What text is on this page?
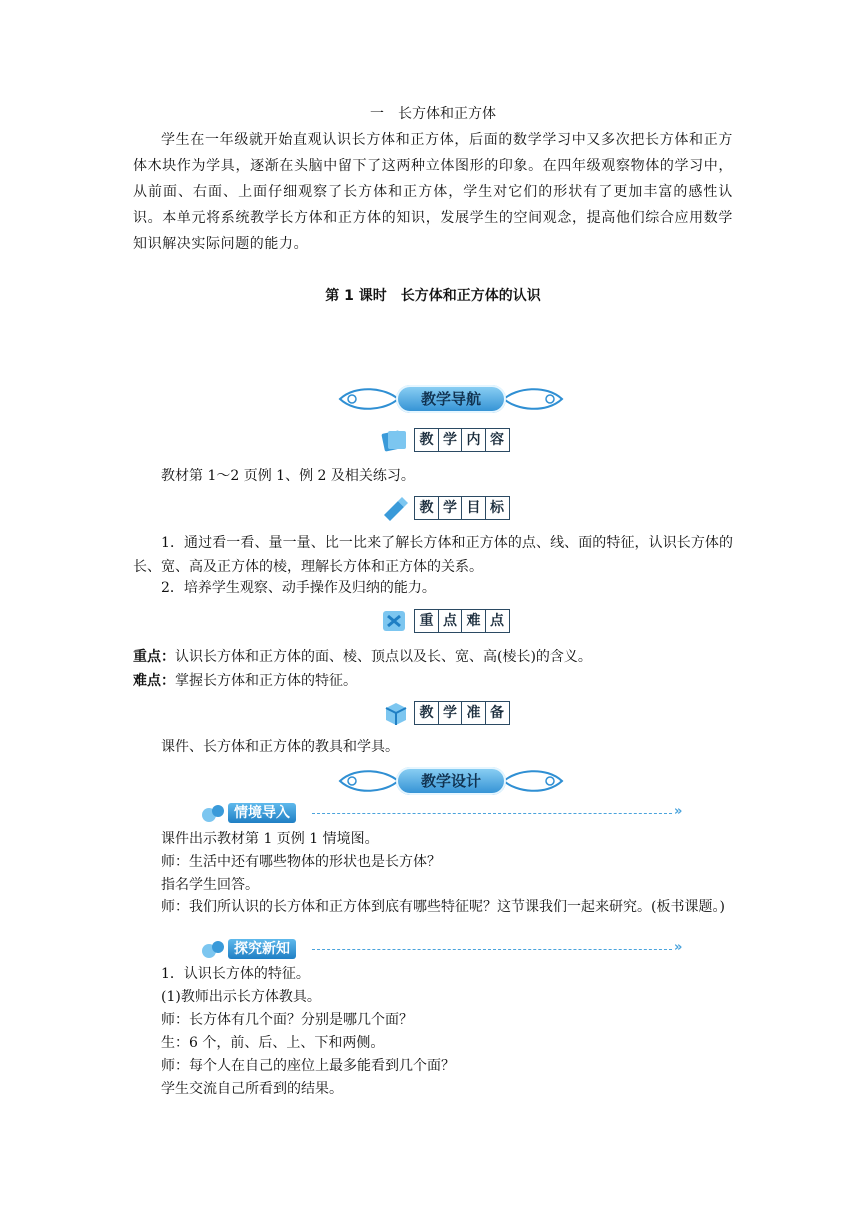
一　长方体和正方体
学生在一年级就开始直观认识长方体和正方体，后面的数学学习中又多次把长方体和正方体木块作为学具，逐渐在头脑中留下了这两种立体图形的印象。在四年级观察物体的学习中，从前面、右面、上面仔细观察了长方体和正方体，学生对它们的形状有了更加丰富的感性认识。本单元将系统教学长方体和正方体的知识，发展学生的空间观念，提高他们综合应用数学知识解决实际问题的能力。
第 1 课时　长方体和正方体的认识
教学导航
教 学 内 容
教材第 1～2 页例 1、例 2 及相关练习。
教 学 目 标
1．通过看一看、量一量、比一比来了解长方体和正方体的点、线、面的特征，认识长方体的长、宽、高及正方体的棱，理解长方体和正方体的关系。
2．培养学生观察、动手操作及归纳的能力。
重 点 难 点
重点：认识长方体和正方体的面、棱、顶点以及长、宽、高(棱长)的含义。
难点：掌握长方体和正方体的特征。
教 学 准 备
课件、长方体和正方体的教具和学具。
教学设计
情境导入	»
课件出示教材第 1 页例 1 情境图。
师：生活中还有哪些物体的形状也是长方体？
指名学生回答。
师：我们所认识的长方体和正方体到底有哪些特征呢？这节课我们一起来研究。(板书课题。)
探究新知	»
1．认识长方体的特征。
(1)教师出示长方体教具。
师：长方体有几个面？分别是哪几个面？
生：6 个，前、后、上、下和两侧。
师：每个人在自己的座位上最多能看到几个面？
学生交流自己所看到的结果。
